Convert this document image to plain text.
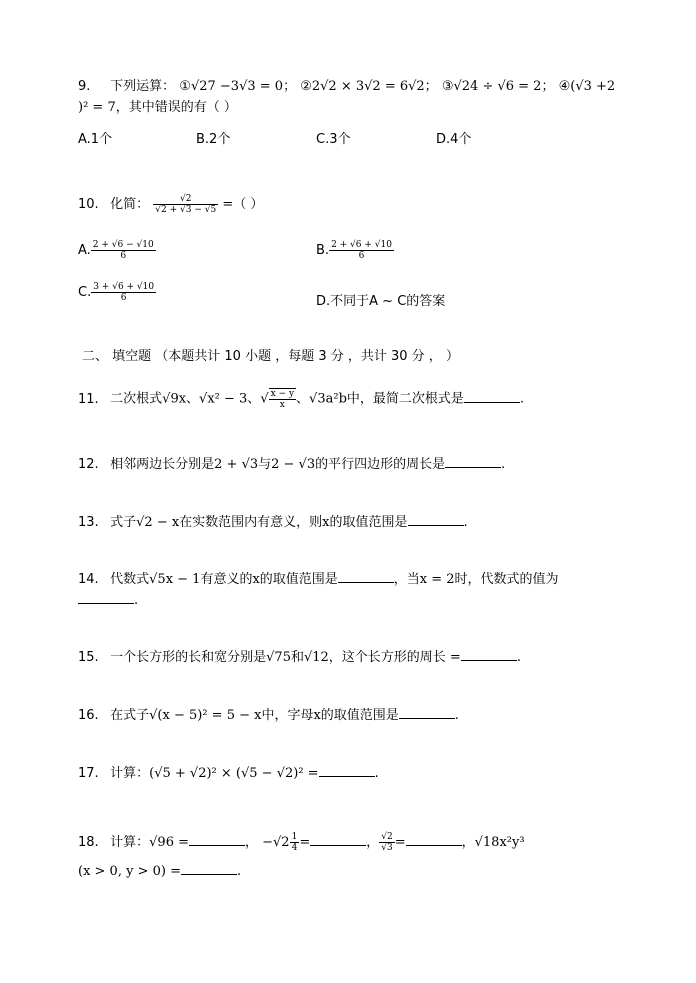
9. 下列运算： ①√27 −3√3 = 0； ②2√2 × 3√2 = 6√2； ③√24 ÷ √6 = 2； ④(√3 +2
)² = 7，其中错误的有（ ）
A.1个	B.2个	C.3个	D.4个
10. 化简： $\frac{√2}{√2 + √3 - √5}$ =（ ）
A. $\frac{2 + √6 - √10}{6}$	B. $\frac{2 + √6 + √10}{6}$
C. $\frac{3 + √6 + √10}{6}$	D.不同于A ~ C的答案
二、 填空题 （本题共计 10 小题 ，每题 3 分 ，共计 30 分 ， ）
11. 二次根式√9x、√x² − 3、√ $\frac{x - y}{x}$ 、√3a²b中，最简二次根式是	.
12. 相邻两边长分别是2 + √3与2 − √3的平行四边形的周长是	.
13. 式子√2 − x在实数范围内有意义，则x的取值范围是	.
14. 代数式√5x − 1有意义的x的取值范围是	，当x = 2时，代数式的值为
.
15. 一个长方形的长和宽分别是√75和√12，这个长方形的周长 =	.
16. 在式子√(x − 5)² = 5 − x中，字母x的取值范围是	.
17. 计算：(√5 + √2)² × (√5 − √2)² =	.
18. 计算：√96 =	， $-√2 \frac{1}{4}$ =	， $\frac{√2}{√3}$ =	，√18x²y³
(x > 0, y > 0) =	.
